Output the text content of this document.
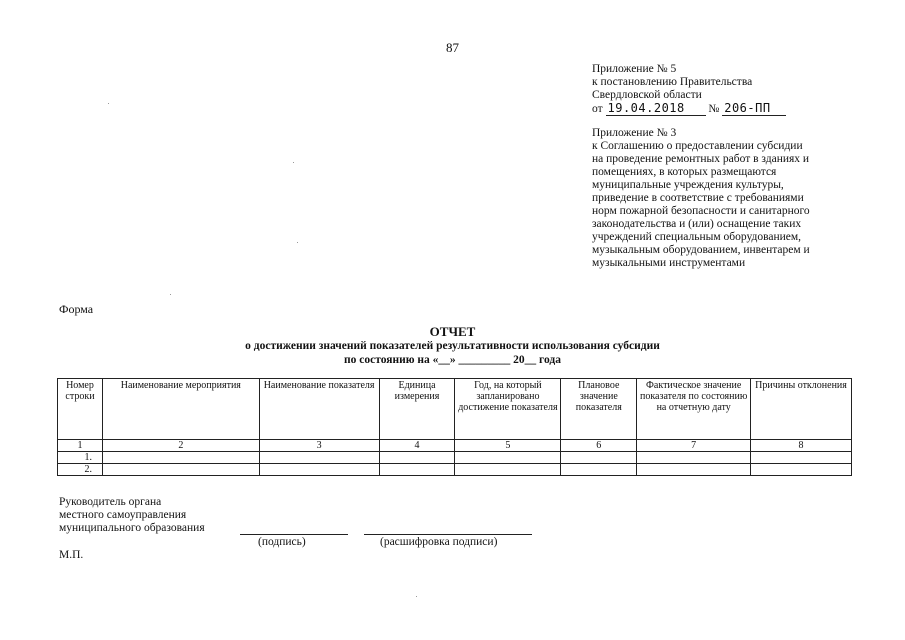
87
Приложение № 5
к постановлению Правительства
Свердловской области
от 19.04.2018 № 206-ПП
Приложение № 3
к Соглашению о предоставлении субсидии
на проведение ремонтных работ в зданиях и
помещениях, в которых размещаются
муниципальные учреждения культуры,
приведение в соответствие с требованиями
норм пожарной безопасности и санитарного
законодательства и (или) оснащение таких
учреждений специальным оборудованием,
музыкальным оборудованием, инвентарем и
музыкальными инструментами
Форма
ОТЧЕТ
о достижении значений показателей результативности использования субсидии
по состоянию на «__» _________ 20__ года
Номер строки	Наименование мероприятия	Наименование показателя	Единица измерения	Год, на который запланировано достижение показателя	Плановое значение показателя	Фактическое значение показателя по состоянию на отчетную дату	Причины отклонения
1	2	3	4	5	6	7	8
1.							
2.							
Руководитель органа
местного самоуправления
муниципального образования
(подпись)	(расшифровка подписи)
М.П.
